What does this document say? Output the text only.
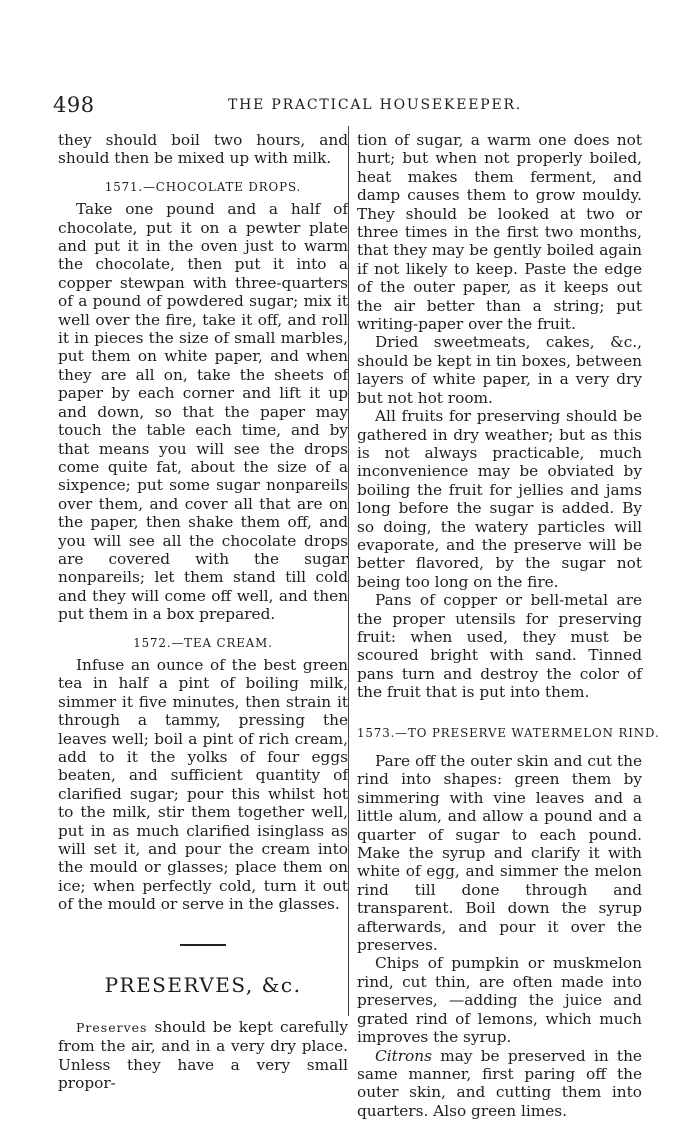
498	THE PRACTICAL HOUSEKEEPER.

they should boil two hours, and should then be mixed up with milk.

1571.—CHOCOLATE DROPS.

Take one pound and a half of chocolate, put it on a pewter plate and put it in the oven just to warm the chocolate, then put it into a copper stewpan with three-quarters of a pound of powdered sugar; mix it well over the fire, take it off, and roll it in pieces the size of small marbles, put them on white paper, and when they are all on, take the sheets of paper by each corner and lift it up and down, so that the paper may touch the table each time, and by that means you will see the drops come quite fat, about the size of a sixpence; put some sugar nonpareils over them, and cover all that are on the paper, then shake them off, and you will see all the chocolate drops are covered with the sugar nonpareils; let them stand till cold and they will come off well, and then put them in a box prepared.

1572.—TEA CREAM.

Infuse an ounce of the best green tea in half a pint of boiling milk, simmer it five minutes, then strain it through a tammy, pressing the leaves well; boil a pint of rich cream, add to it the yolks of four eggs beaten, and sufficient quantity of clarified sugar; pour this whilst hot to the milk, stir them together well, put in as much clarified isinglass as will set it, and pour the cream into the mould or glasses; place them on ice; when perfectly cold, turn it out of the mould or serve in the glasses.

PRESERVES, &c.

Preserves should be kept carefully from the air, and in a very dry place. Unless they have a very small propor-

tion of sugar, a warm one does not hurt; but when not properly boiled, heat makes them ferment, and damp causes them to grow mouldy. They should be looked at two or three times in the first two months, that they may be gently boiled again if not likely to keep. Paste the edge of the outer paper, as it keeps out the air better than a string; put writing-paper over the fruit.

Dried sweetmeats, cakes, &c., should be kept in tin boxes, between layers of white paper, in a very dry but not hot room.

All fruits for preserving should be gathered in dry weather; but as this is not always practicable, much inconvenience may be obviated by boiling the fruit for jellies and jams long before the sugar is added. By so doing, the watery particles will evaporate, and the preserve will be better flavored, by the sugar not being too long on the fire.

Pans of copper or bell-metal are the proper utensils for preserving fruit: when used, they must be scoured bright with sand. Tinned pans turn and destroy the color of the fruit that is put into them.

1573.—TO PRESERVE WATERMELON RIND.

Pare off the outer skin and cut the rind into shapes: green them by simmering with vine leaves and a little alum, and allow a pound and a quarter of sugar to each pound. Make the syrup and clarify it with white of egg, and simmer the melon rind till done through and transparent. Boil down the syrup afterwards, and pour it over the preserves.

Chips of pumpkin or muskmelon rind, cut thin, are often made into preserves, —adding the juice and grated rind of lemons, which much improves the syrup.

Citrons may be preserved in the same manner, first paring off the outer skin, and cutting them into quarters. Also green limes.
